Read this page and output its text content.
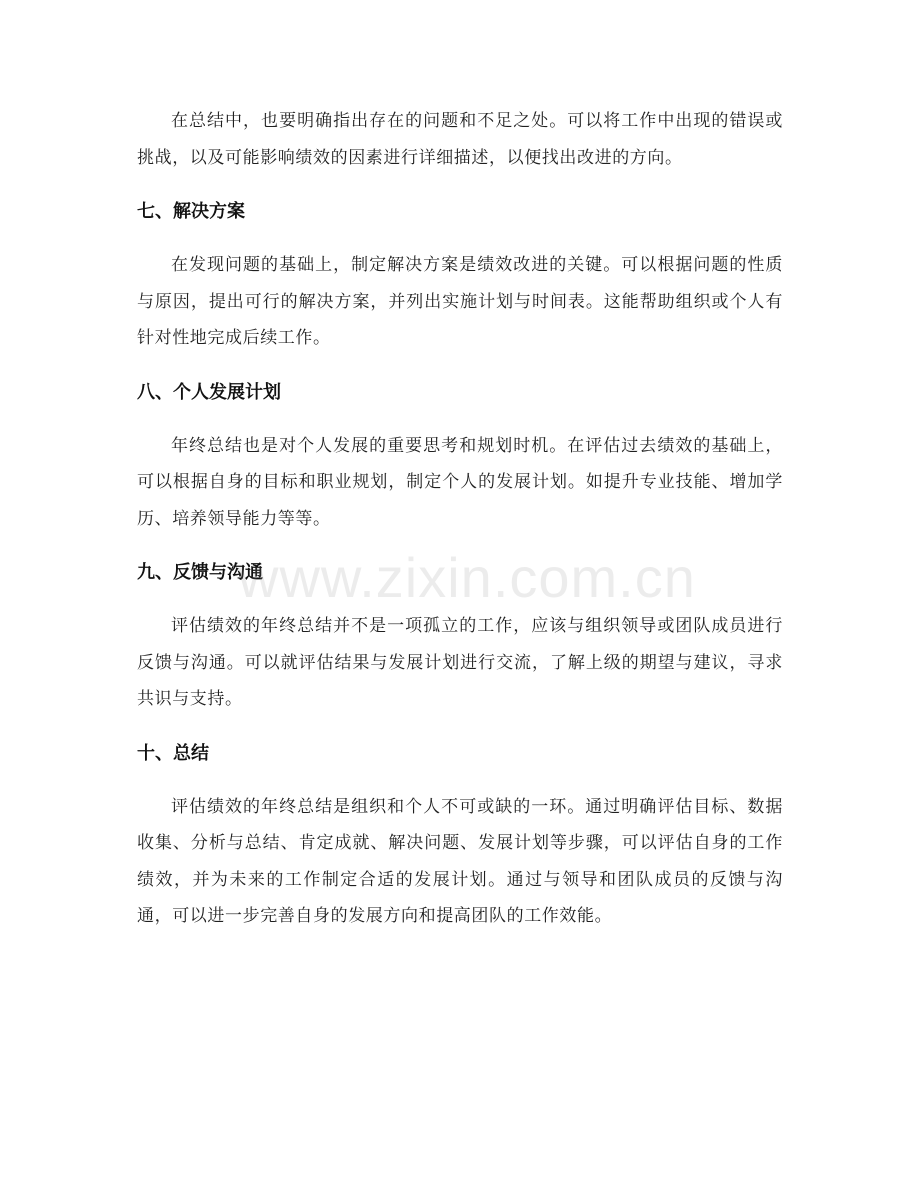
在总结中，也要明确指出存在的问题和不足之处。可以将工作中出现的错误或挑战，以及可能影响绩效的因素进行详细描述，以便找出改进的方向。

七、解决方案

在发现问题的基础上，制定解决方案是绩效改进的关键。可以根据问题的性质与原因，提出可行的解决方案，并列出实施计划与时间表。这能帮助组织或个人有针对性地完成后续工作。

八、个人发展计划

年终总结也是对个人发展的重要思考和规划时机。在评估过去绩效的基础上，可以根据自身的目标和职业规划，制定个人的发展计划。如提升专业技能、增加学历、培养领导能力等等。

九、反馈与沟通

评估绩效的年终总结并不是一项孤立的工作，应该与组织领导或团队成员进行反馈与沟通。可以就评估结果与发展计划进行交流，了解上级的期望与建议，寻求共识与支持。

十、总结

评估绩效的年终总结是组织和个人不可或缺的一环。通过明确评估目标、数据收集、分析与总结、肯定成就、解决问题、发展计划等步骤，可以评估自身的工作绩效，并为未来的工作制定合适的发展计划。通过与领导和团队成员的反馈与沟通，可以进一步完善自身的发展方向和提高团队的工作效能。

www.zixin.com.cn
